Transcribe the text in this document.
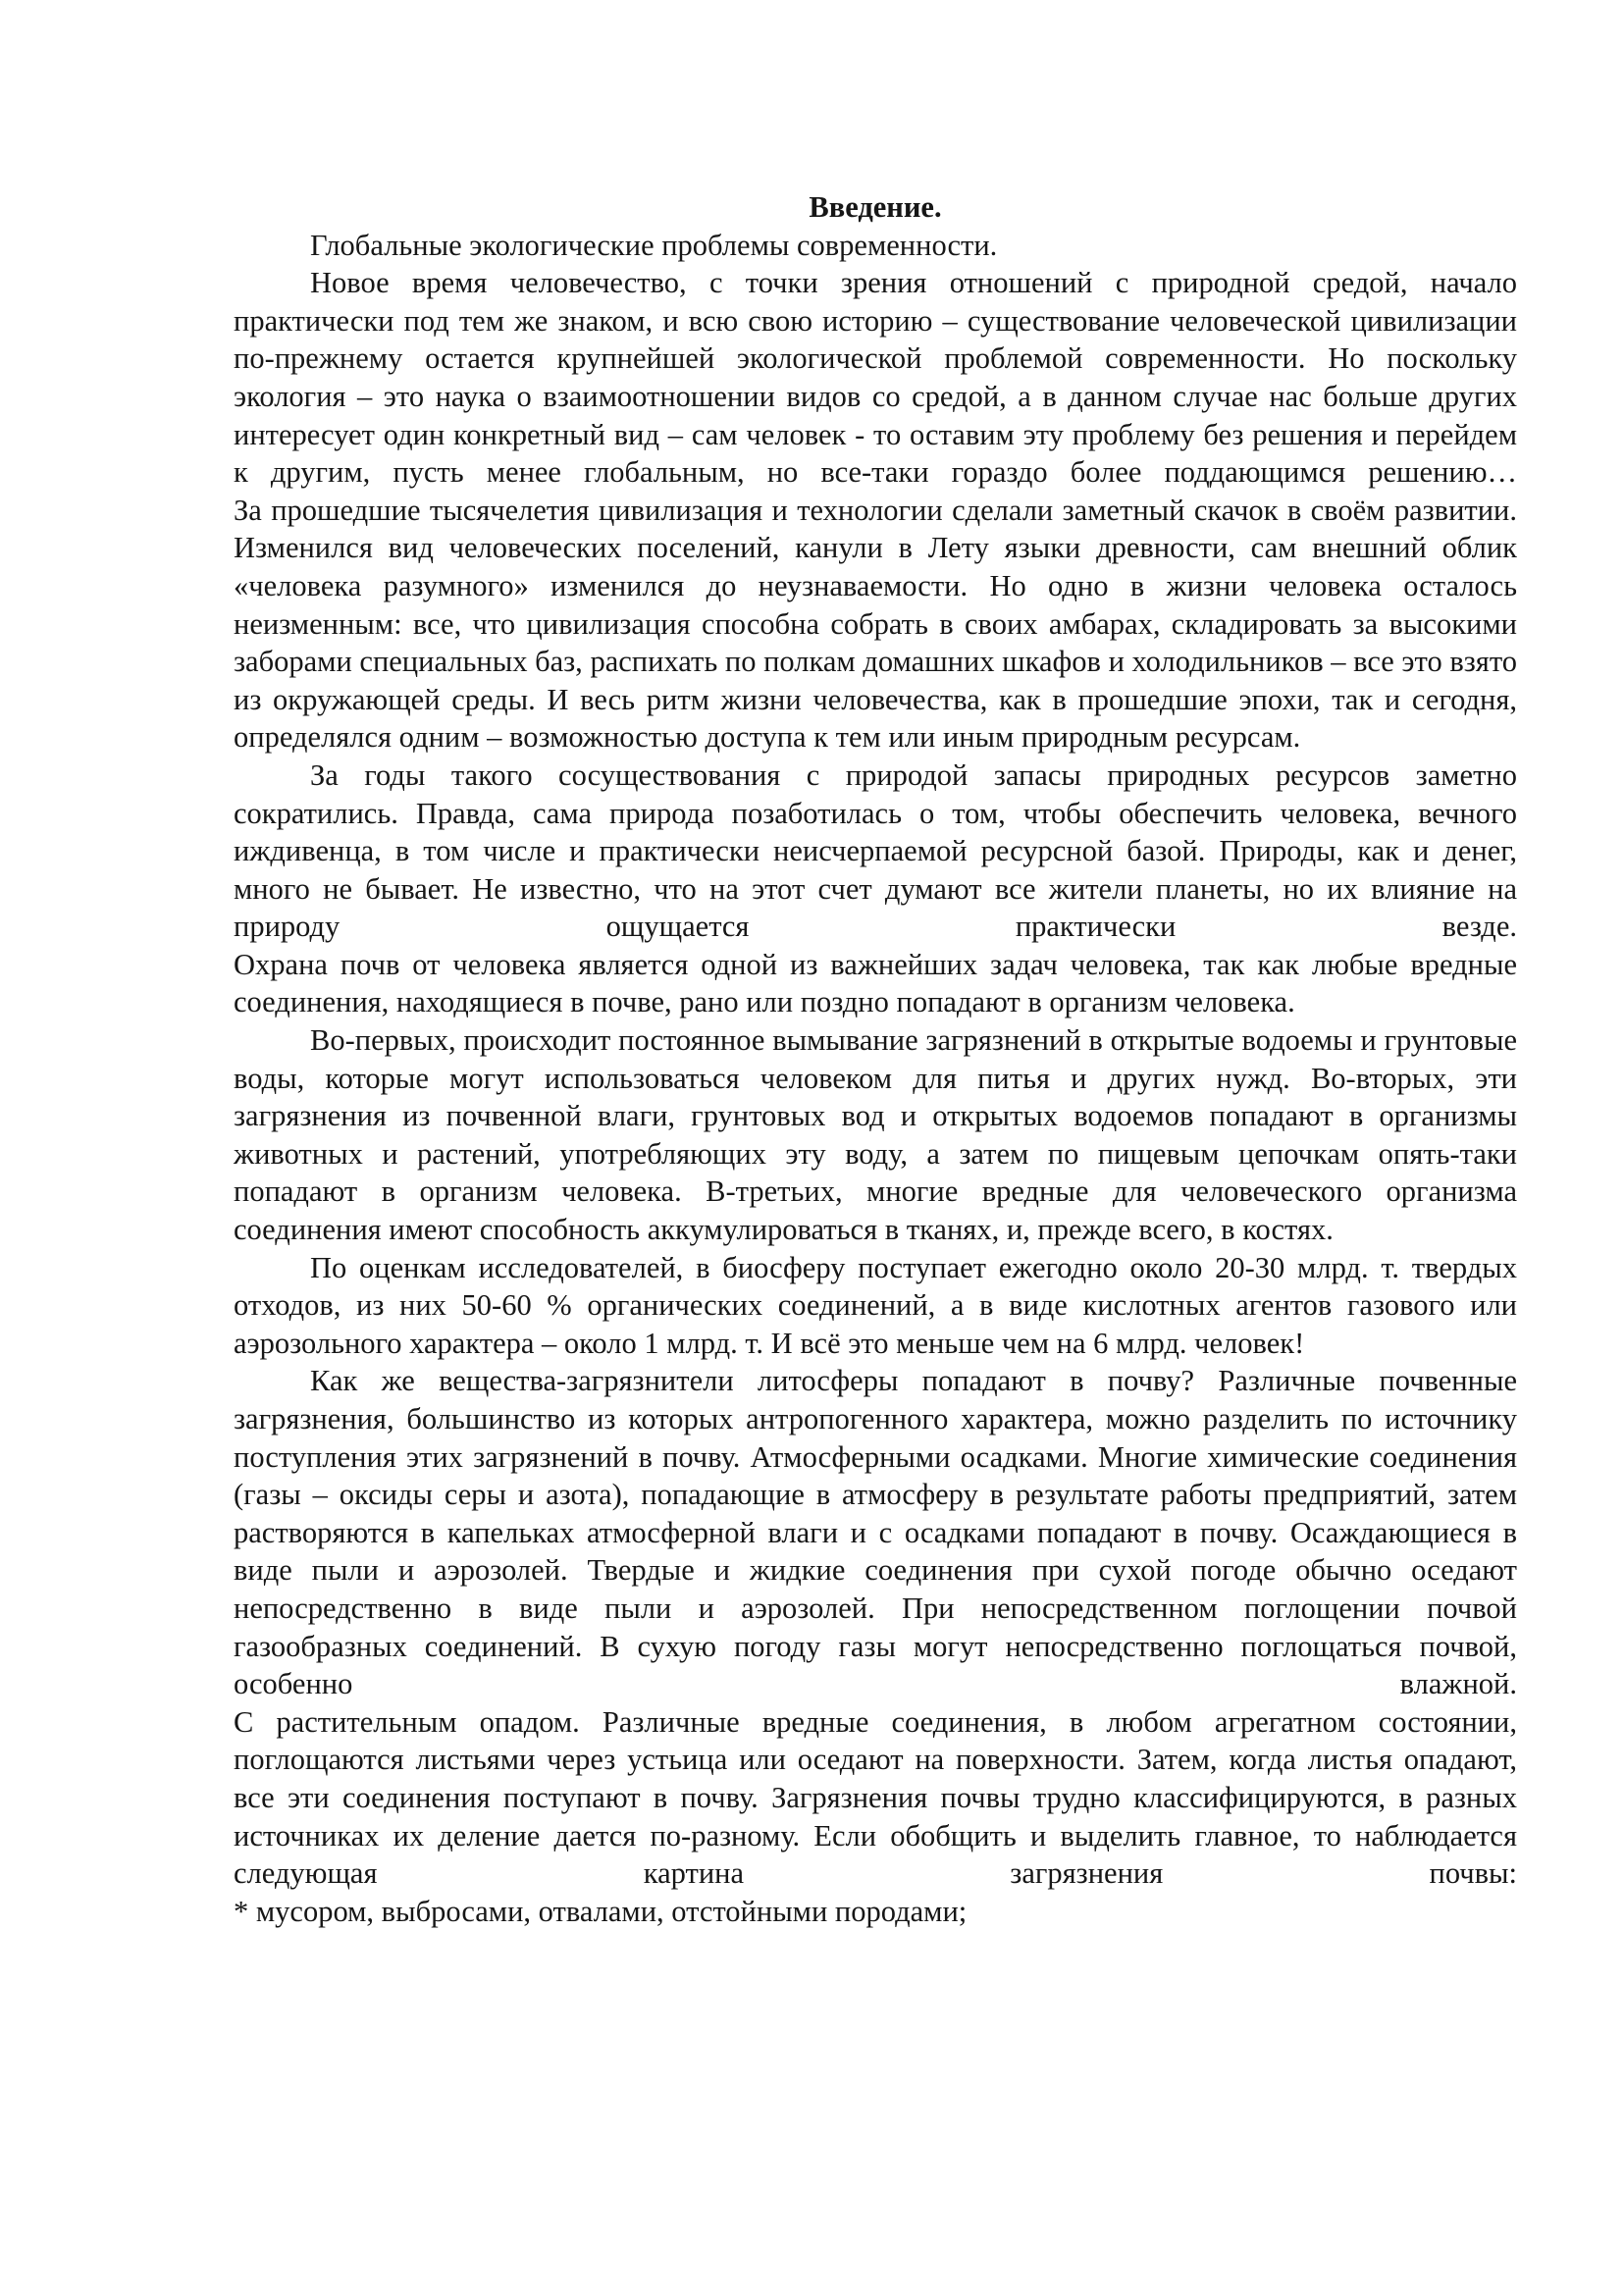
Введение.

Глобальные экологические проблемы современности.

Новое время человечество, с точки зрения отношений с природной средой, начало практически под тем же знаком, и всю свою историю – существование человеческой цивилизации по-прежнему остается крупнейшей экологической проблемой современности. Но поскольку экология – это наука о взаимоотношении видов со средой, а в данном случае нас больше других интересует один конкретный вид – сам человек - то оставим эту проблему без решения и перейдем к другим, пусть менее глобальным, но все-таки гораздо более поддающимся решению…

За прошедшие тысячелетия цивилизация и технологии сделали заметный скачок в своём развитии. Изменился вид человеческих поселений, канули в Лету языки древности, сам внешний облик «человека разумного» изменился до неузнаваемости. Но одно в жизни человека осталось неизменным: все, что цивилизация способна собрать в своих амбарах, складировать за высокими заборами специальных баз, распихать по полкам домашних шкафов и холодильников – все это взято из окружающей среды. И весь ритм жизни человечества, как в прошедшие эпохи, так и сегодня, определялся одним – возможностью доступа к тем или иным природным ресурсам.

За годы такого сосуществования с природой запасы природных ресурсов заметно сократились. Правда, сама природа позаботилась о том, чтобы обеспечить человека, вечного иждивенца, в том числе и практически неисчерпаемой ресурсной базой. Природы, как и денег, много не бывает. Не известно, что на этот счет думают все жители планеты, но их влияние на природу ощущается практически везде.

Охрана почв от человека является одной из важнейших задач человека, так как любые вредные соединения, находящиеся в почве, рано или поздно попадают в организм человека.

Во-первых, происходит постоянное вымывание загрязнений в открытые водоемы и грунтовые воды, которые могут использоваться человеком для питья и других нужд. Во-вторых, эти загрязнения из почвенной влаги, грунтовых вод и открытых водоемов попадают в организмы животных и растений, употребляющих эту воду, а затем по пищевым цепочкам опять-таки попадают в организм человека. В-третьих, многие вредные для человеческого организма соединения имеют способность аккумулироваться в тканях, и, прежде всего, в костях.

По оценкам исследователей, в биосферу поступает ежегодно около 20-30 млрд. т. твердых отходов, из них 50-60 % органических соединений, а в виде кислотных агентов газового или аэрозольного характера – около 1 млрд. т. И всё это меньше чем на 6 млрд. человек!

Как же вещества-загрязнители литосферы попадают в почву? Различные почвенные загрязнения, большинство из которых антропогенного характера, можно разделить по источнику поступления этих загрязнений в почву. Атмосферными осадками. Многие химические соединения (газы – оксиды серы и азота), попадающие в атмосферу в результате работы предприятий, затем растворяются в капельках атмосферной влаги и с осадками попадают в почву. Осаждающиеся в виде пыли и аэрозолей. Твердые и жидкие соединения при сухой погоде обычно оседают непосредственно в виде пыли и аэрозолей. При непосредственном поглощении почвой газообразных соединений. В сухую погоду газы могут непосредственно поглощаться почвой, особенно влажной.

С растительным опадом. Различные вредные соединения, в любом агрегатном состоянии, поглощаются листьями через устьица или оседают на поверхности. Затем, когда листья опадают, все эти соединения поступают в почву. Загрязнения почвы трудно классифицируются, в разных источниках их деление дается по-разному. Если обобщить и выделить главное, то наблюдается следующая картина загрязнения почвы:

* мусором, выбросами, отвалами, отстойными породами;
